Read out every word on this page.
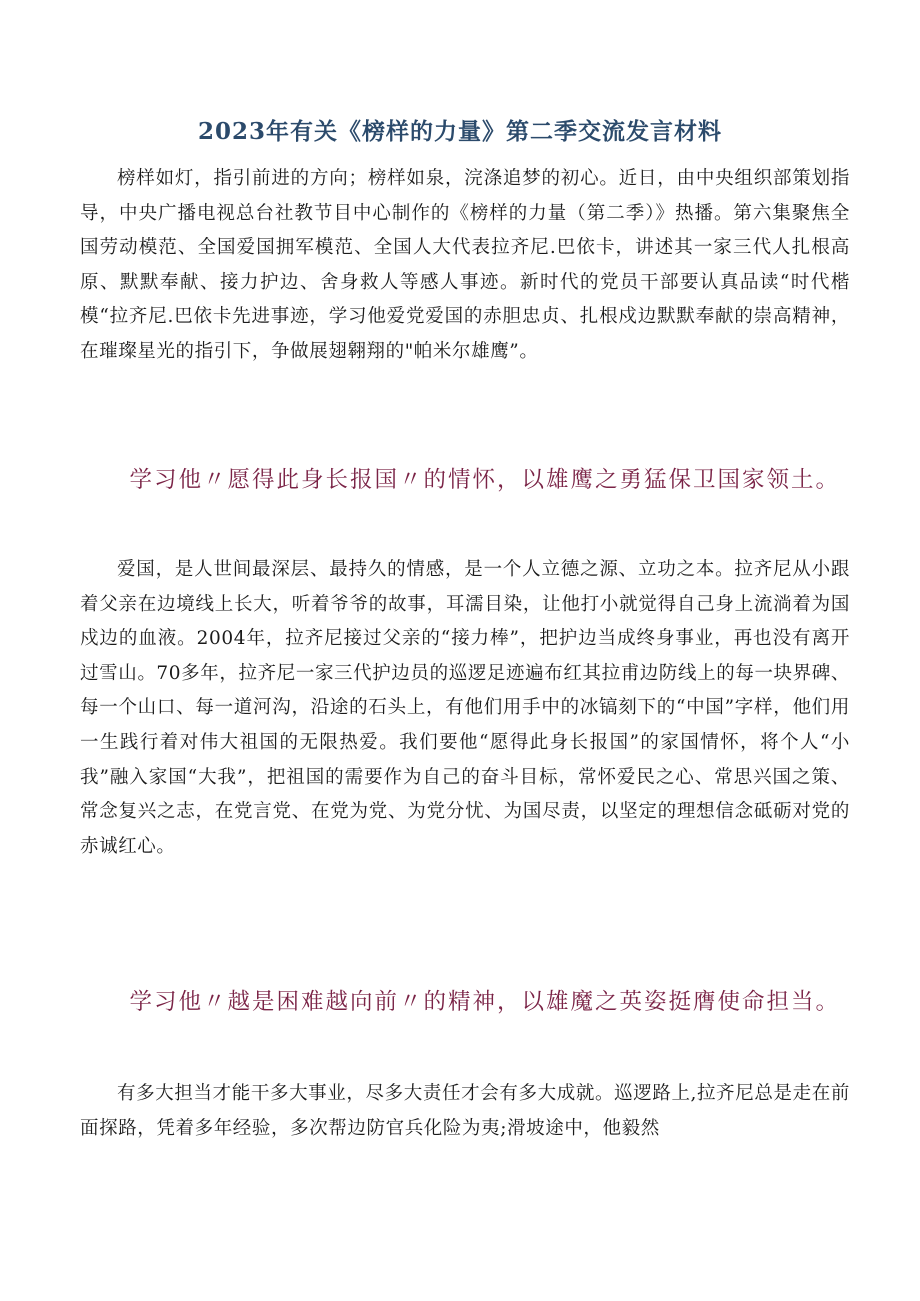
2023年有关《榜样的力量》第二季交流发言材料

榜样如灯，指引前进的方向；榜样如泉，浣涤追梦的初心。近日，由中央组织部策划指导，中央广播电视总台社教节目中心制作的《榜样的力量（第二季）》热播。第六集聚焦全国劳动模范、全国爱国拥军模范、全国人大代表拉齐尼.巴依卡，讲述其一家三代人扎根高原、默默奉献、接力护边、舍身救人等感人事迹。新时代的党员干部要认真品读“时代楷模“拉齐尼.巴依卡先进事迹，学习他爱党爱国的赤胆忠贞、扎根戍边默默奉献的崇高精神，在璀璨星光的指引下，争做展翅翱翔的"帕米尔雄鹰”。

学习他〃愿得此身长报国〃的情怀，以雄鹰之勇猛保卫国家领土。

爱国，是人世间最深层、最持久的情感，是一个人立德之源、立功之本。拉齐尼从小跟着父亲在边境线上长大，听着爷爷的故事，耳濡目染，让他打小就觉得自己身上流淌着为国戍边的血液。2004年，拉齐尼接过父亲的“接力棒”，把护边当成终身事业，再也没有离开过雪山。70多年，拉齐尼一家三代护边员的巡逻足迹遍布红其拉甫边防线上的每一块界碑、每一个山口、每一道河沟，沿途的石头上，有他们用手中的冰镐刻下的“中国”字样，他们用一生践行着对伟大祖国的无限热爱。我们要他“愿得此身长报国”的家国情怀，将个人“小我”融入家国“大我”，把祖国的需要作为自己的奋斗目标，常怀爱民之心、常思兴国之策、常念复兴之志，在党言党、在党为党、为党分忧、为国尽责，以坚定的理想信念砥砺对党的赤诚红心。

学习他〃越是困难越向前〃的精神，以雄魔之英姿挺膺使命担当。

有多大担当才能干多大事业，尽多大责任才会有多大成就。巡逻路上,拉齐尼总是走在前面探路，凭着多年经验，多次帮边防官兵化险为夷;滑坡途中，他毅然
